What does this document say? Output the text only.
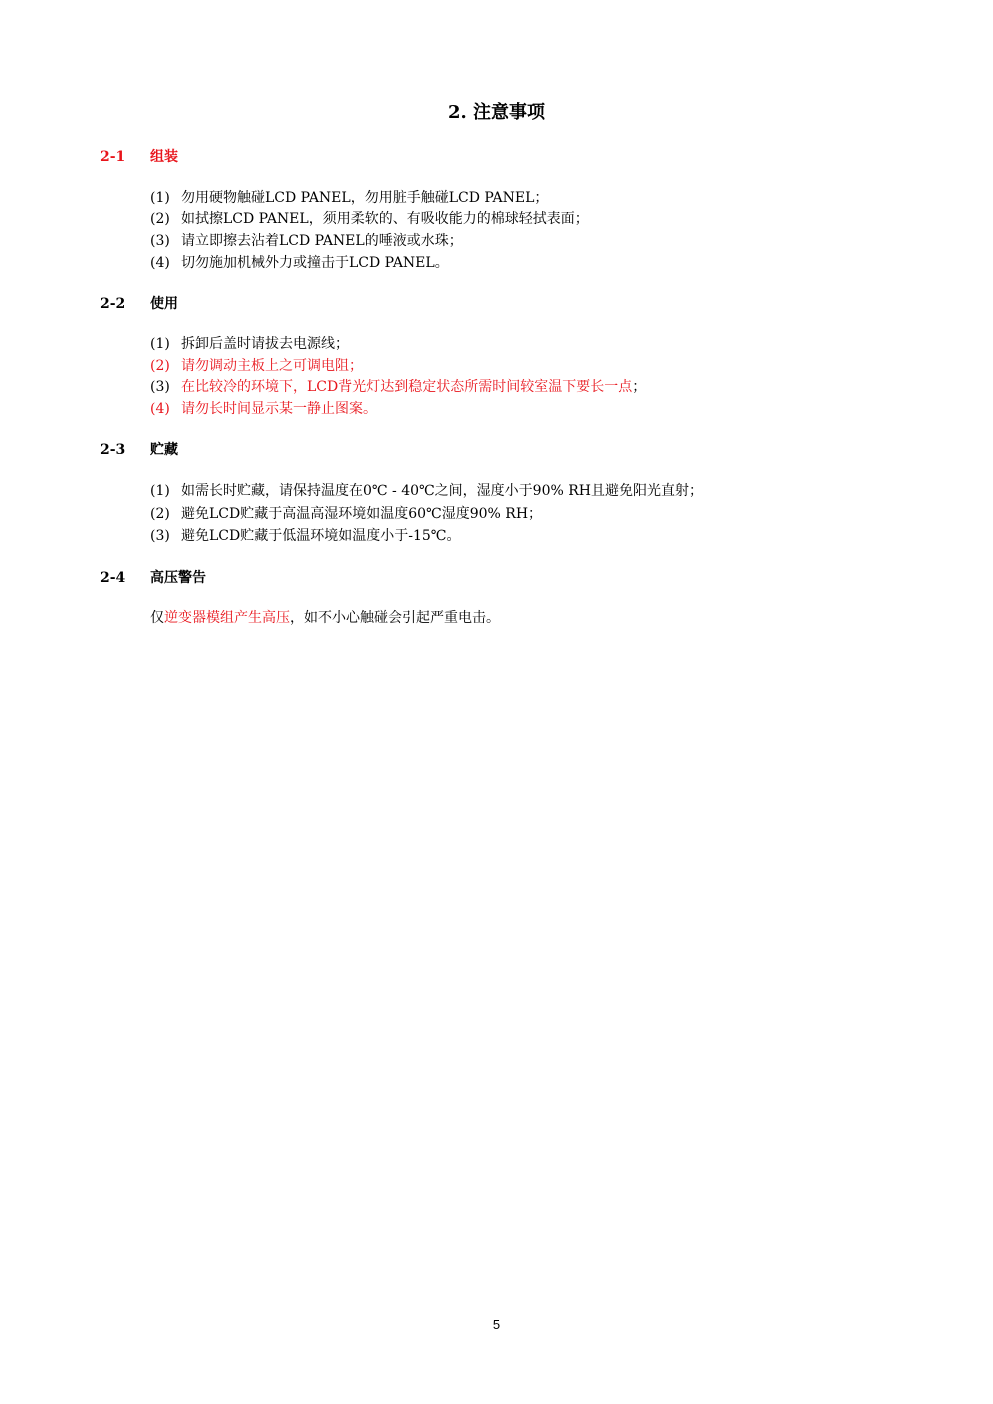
2. 注意事项
2-1 组装
(1) 勿用硬物触碰LCD PANEL，勿用脏手触碰LCD PANEL；
(2) 如拭擦LCD PANEL，须用柔软的、有吸收能力的棉球轻拭表面；
(3) 请立即擦去沾着LCD PANEL的唾液或水珠；
(4) 切勿施加机械外力或撞击于LCD PANEL。
2-2 使用
(1) 拆卸后盖时请拔去电源线；
(2) 请勿调动主板上之可调电阻；
(3) 在比较冷的环境下，LCD背光灯达到稳定状态所需时间较室温下要长一点；
(4) 请勿长时间显示某一静止图案。
2-3 贮藏
(1) 如需长时贮藏，请保持温度在0℃ - 40℃之间，湿度小于90% RH且避免阳光直射；
(2) 避免LCD贮藏于高温高湿环境如温度60℃湿度90% RH；
(3) 避免LCD贮藏于低温环境如温度小于-15℃。
2-4 高压警告
仅逆变器模组产生高压，如不小心触碰会引起严重电击。
5
